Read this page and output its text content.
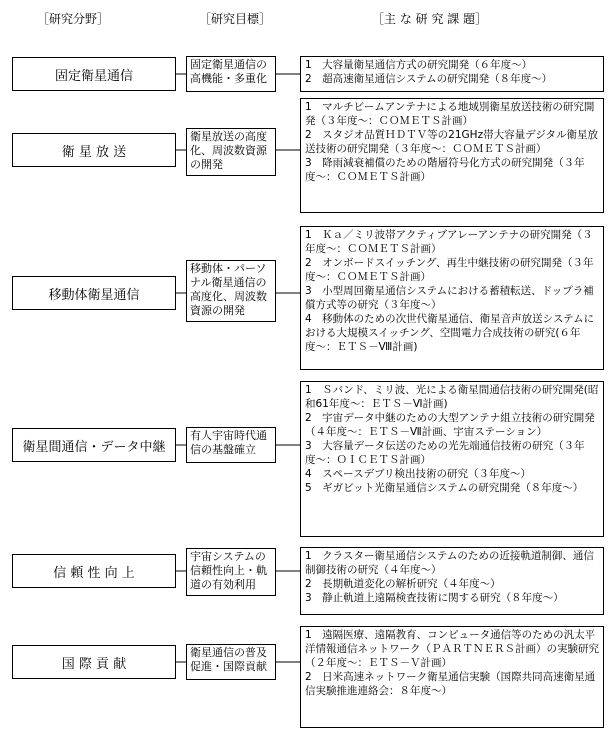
［研究分野］	［研究目標］	［主 な 研 究 課 題］
固定衛星通信
固定衛星通信の高機能・多重化
1　大容量衛星通信方式の研究開発（６年度〜）
2　超高速衛星通信システムの研究開発（８年度〜）
衛 星 放 送
衛星放送の高度化、周波数資源の開発
1　マルチビームアンテナによる地域別衛星放送技術の研究開発（３年度〜：ＣＯＭＥＴＳ計画）
2　スタジオ品質ＨＤＴＶ等の21GHz帯大容量デジタル衛星放送技術の研究開発（３年度〜：ＣＯＭＥＴＳ計画）
3　降雨減衰補償のための階層符号化方式の研究開発（３年度〜：ＣＯＭＥＴＳ計画）
移動体衛星通信
移動体・パーソナル衛星通信の高度化、周波数資源の開発
1　Ｋａ／ミリ波帯アクティブアレーアンテナの研究開発（３年度〜：ＣＯＭＥＴＳ計画）
2　オンボードスイッチング、再生中継技術の研究開発（３年度〜：ＣＯＭＥＴＳ計画）
3　小型周回衛星通信システムにおける蓄積転送、ドップラ補償方式等の研究（３年度〜）
4　移動体のための次世代衛星通信、衛星音声放送システムにおける大規模スイッチング、空間電力合成技術の研究(６年度〜：ＥＴＳ－Ⅷ計画)
衛星間通信・データ中継
有人宇宙時代通信の基盤確立
1　Ｓバンド、ミリ波、光による衛星間通信技術の研究開発(昭和61年度〜：ＥＴＳ－Ⅵ計画)
2　宇宙データ中継のための大型アンテナ組立技術の研究開発（４年度〜：ＥＴＳ－Ⅶ計画、宇宙ステーション）
3　大容量データ伝送のための光先端通信技術の研究（３年度〜：ＯＩＣＥＴＳ計画）
4　スペースデブリ検出技術の研究（３年度〜）
5　ギガビット光衛星通信システムの研究開発（８年度〜）
信 頼 性 向 上
宇宙システムの信頼性向上・軌道の有効利用
1　クラスター衛星通信システムのための近接軌道制御、通信制御技術の研究（４年度〜）
2　長期軌道変化の解析研究（４年度〜）
3　静止軌道上遠隔検査技術に関する研究（８年度〜）
国 際 貢 献
衛星通信の普及促進・国際貢献
1　遠隔医療、遠隔教育、コンピュータ通信等のための汎太平洋情報通信ネットワーク（ＰＡＲＴＮＥＲＳ計画）の実験研究（２年度〜：ＥＴＳ－Ｖ計画）
2　日米高速ネットワーク衛星通信実験（国際共同高速衛星通信実験推進連絡会：８年度〜）
